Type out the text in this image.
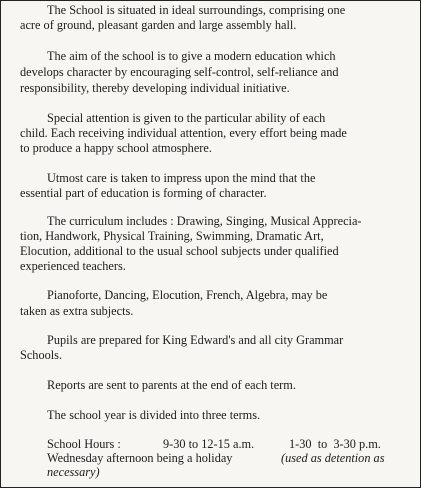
The School is situated in ideal surroundings, comprising one
acre of ground, pleasant garden and large assembly hall.
The aim of the school is to give a modern education which
develops character by encouraging self-control, self-reliance and
responsibility, thereby developing individual initiative.
Special attention is given to the particular ability of each
child. Each receiving individual attention, every effort being made
to produce a happy school atmosphere.
Utmost care is taken to impress upon the mind that the
essential part of education is forming of character.
The curriculum includes : Drawing, Singing, Musical Apprecia-
tion, Handwork, Physical Training, Swimming, Dramatic Art,
Elocution, additional to the usual school subjects under qualified
experienced teachers.
Pianoforte, Dancing, Elocution, French, Algebra, may be
taken as extra subjects.
Pupils are prepared for King Edward's and all city Grammar
Schools.
Reports are sent to parents at the end of each term.
The school year is divided into three terms.
School Hours :	9-30 to 12-15 a.m.	1-30  to  3-30 p.m.
Wednesday afternoon being a holiday	(used as detention as
necessary)
